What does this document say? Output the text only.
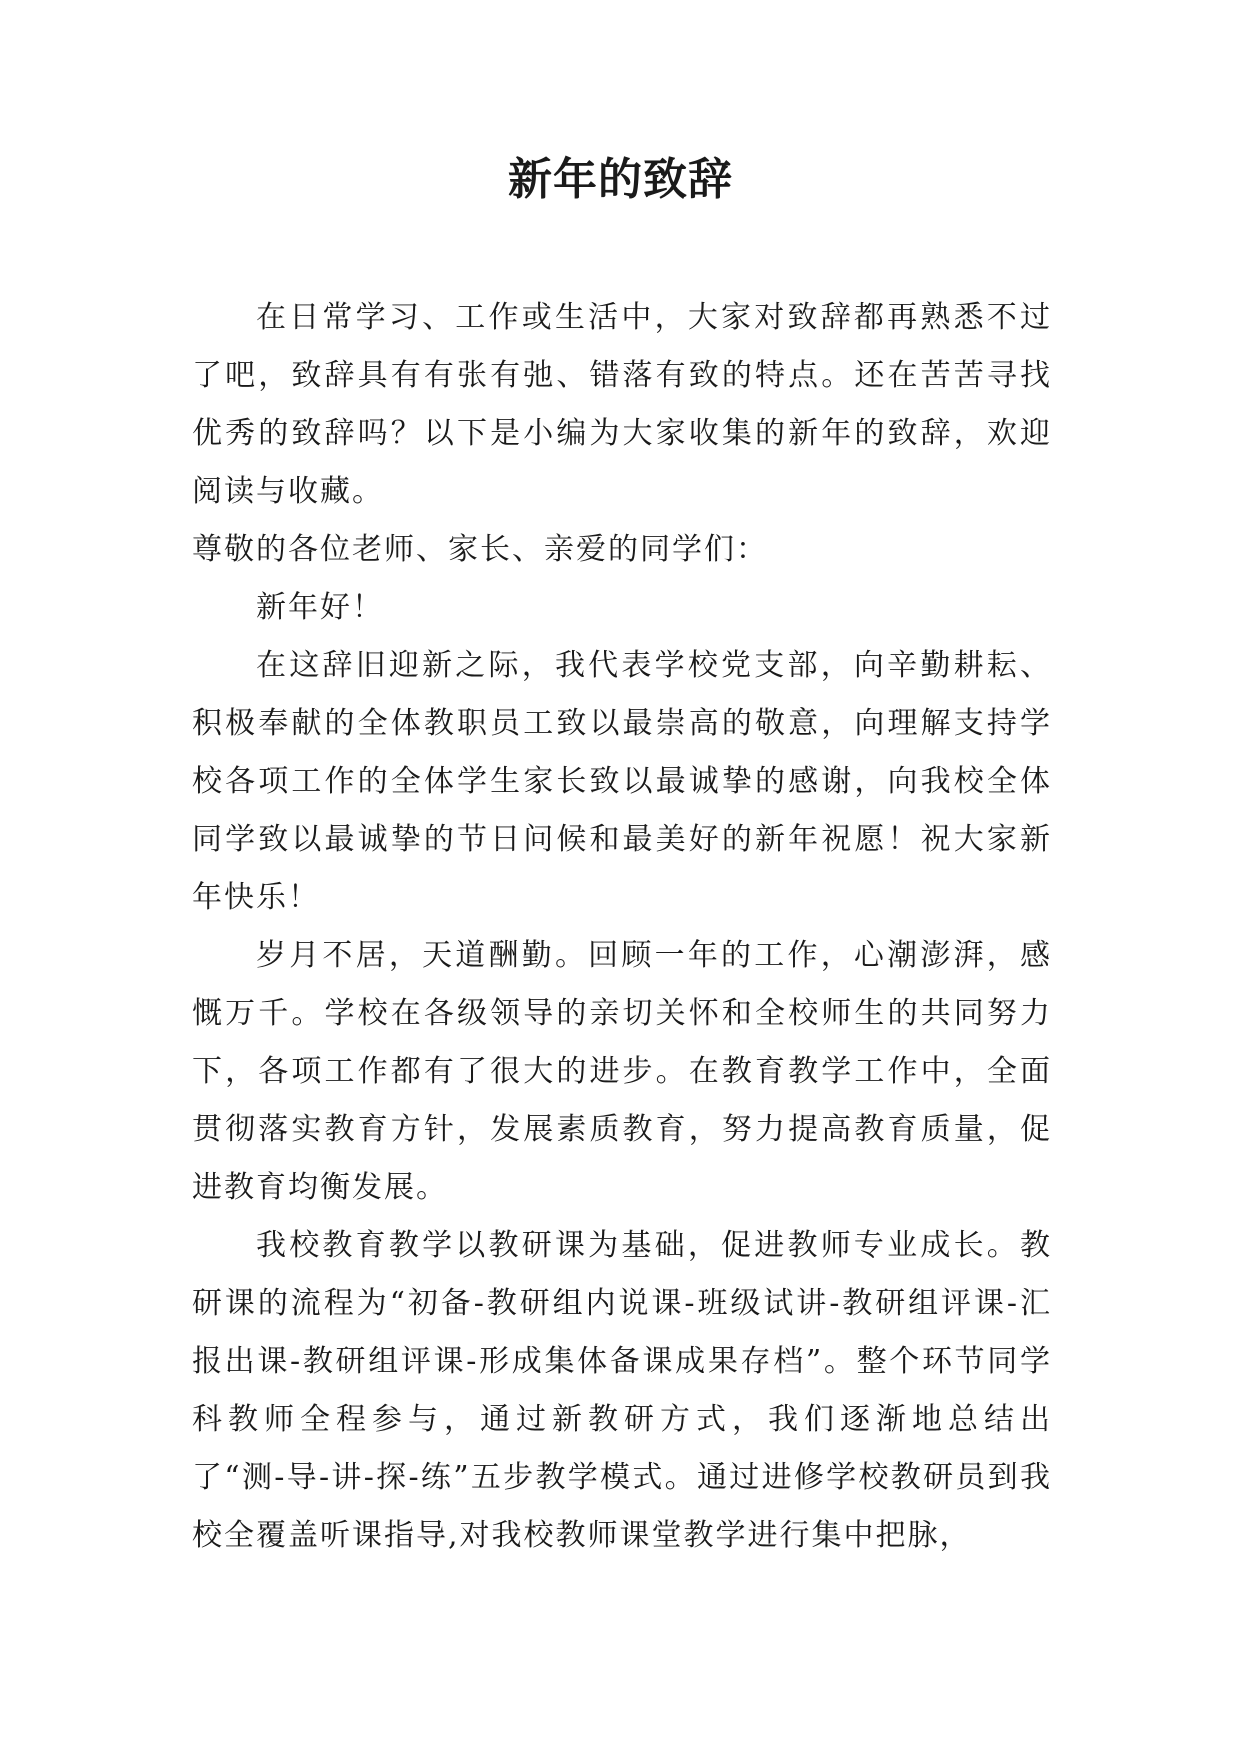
新年的致辞

在日常学习、工作或生活中，大家对致辞都再熟悉不过了吧，致辞具有有张有弛、错落有致的特点。还在苦苦寻找优秀的致辞吗？以下是小编为大家收集的新年的致辞，欢迎阅读与收藏。

尊敬的各位老师、家长、亲爱的同学们：

新年好！

在这辞旧迎新之际，我代表学校党支部，向辛勤耕耘、积极奉献的全体教职员工致以最崇高的敬意，向理解支持学校各项工作的全体学生家长致以最诚挚的感谢，向我校全体同学致以最诚挚的节日问候和最美好的新年祝愿！祝大家新年快乐！

岁月不居，天道酬勤。回顾一年的工作，心潮澎湃，感慨万千。学校在各级领导的亲切关怀和全校师生的共同努力下，各项工作都有了很大的进步。在教育教学工作中，全面贯彻落实教育方针，发展素质教育，努力提高教育质量，促进教育均衡发展。

我校教育教学以教研课为基础，促进教师专业成长。教研课的流程为“初备-教研组内说课-班级试讲-教研组评课-汇报出课-教研组评课-形成集体备课成果存档”。整个环节同学科教师全程参与，通过新教研方式，我们逐渐地总结出了“测-导-讲-探-练”五步教学模式。通过进修学校教研员到我校全覆盖听课指导,对我校教师课堂教学进行集中把脉，
